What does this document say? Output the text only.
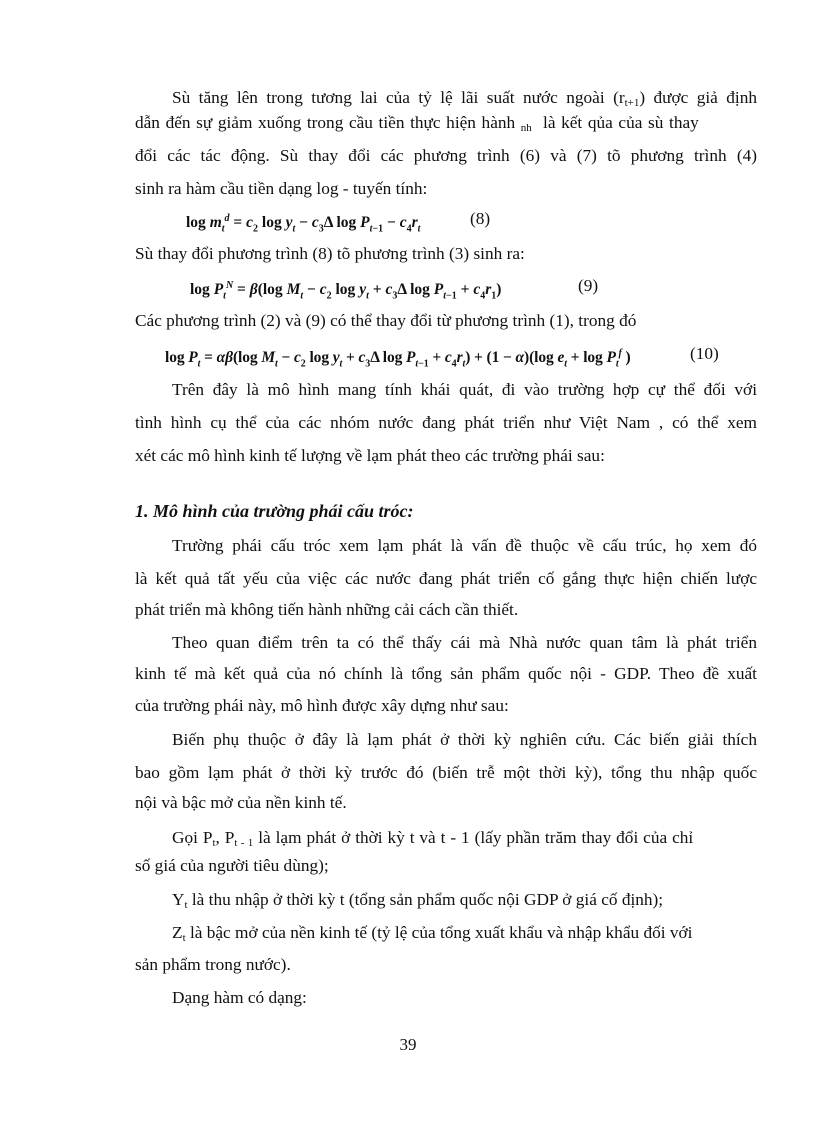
Sù tăng lên trong tương lai của tỷ lệ lãi suất nước ngoài $(r_{t+1})$ được giả định
dẫn đến sự giảm xuống trong cầu tiền thực hiện hành $_{nh}$ là kết qủa của sù thay
đổi các tác động. Sù thay đổi các phương trình (6) và (7) tõ phương trình (4)
sinh ra hàm cầu tiền dạng log - tuyến tính:
$\log m_t^d = c_2$ $\log y_t - c_3\Delta$ $\log P_{t-1} - c_4r_t$
(8)
Sù thay đổi phương trình (8) tõ phương trình (3) sinh ra:
$\log P_t^N = \beta(\log$ $M_t - c_2$ $\log y_t + c_3\Delta$ $\log P_{t-1} + c_4r_1$)	(9)
Các phương trình (2) và (9) có thể thay đổi từ phương trình (1), trong đó
$\log P_t = \alpha\beta(\log$ $M_t - c_2$ $\log y_t + c_3\Delta$ $\log P_{t-1} + c_4r_t) + (1 - \alpha)(\log$ $e_t + \log P_t^f$ )	(10)
Trên đây là mô hình mang tính khái quát, đi vào trường hợp cự thể đối với
tình hình cụ thể của các nhóm nước đang phát triển như Việt Nam , có thể xem
xét các mô hình kinh tế lượng về lạm phát theo các trường phái sau:
1. Mô hình của trường phái cấu tróc:
Trường phái cấu tróc xem lạm phát là vấn đề thuộc về cấu trúc, họ xem đó
là kết quả tất yếu của việc các nước đang phát triển cố gắng thực hiện chiến lược
phát triển mà không tiến hành những cải cách cần thiết.
Theo quan điểm trên ta có thể thấy cái mà Nhà nước quan tâm là phát triển
kinh tế mà kết quả của nó chính là tổng sản phẩm quốc nội - GDP. Theo đề xuất
của trường phái này, mô hình được xây dựng như sau:
Biến phụ thuộc ở đây là lạm phát ở thời kỳ nghiên cứu. Các biến giải thích
bao gồm lạm phát ở thời kỳ trước đó (biến trễ một thời kỳ), tổng thu nhập quốc
nội và bậc mở của nền kinh tế.
Gọi $P_t$, $P_{t - 1}$ là lạm phát ở thời kỳ t và t - 1 (lấy phần trăm thay đổi của chỉ
số giá của người tiêu dùng);
$Y_t$ là thu nhập ở thời kỳ t (tổng sản phẩm quốc nội GDP ở giá cố định);
$Z_t$ là bậc mở của nền kinh tế (tỷ lệ của tổng xuất khẩu và nhập khẩu đối với
sản phẩm trong nước).
Dạng hàm có dạng:
39
